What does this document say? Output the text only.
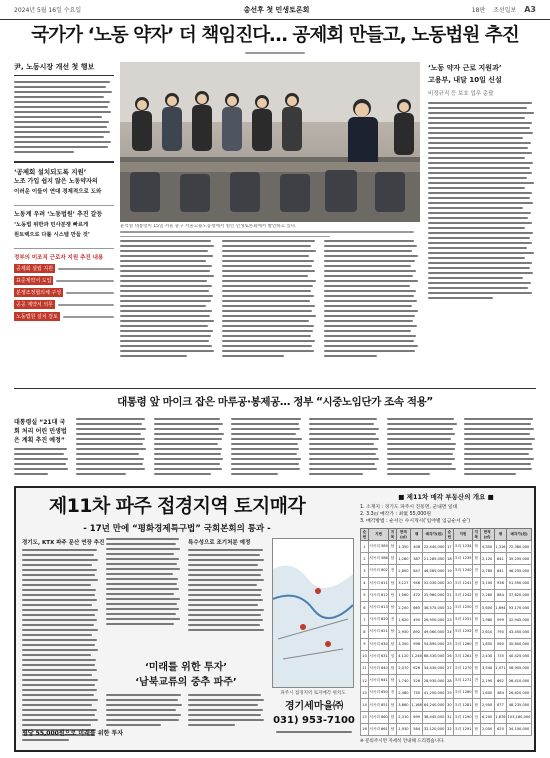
2024년 5월 16일 수요일	총선후 첫 민생토론회	18판 조선일보 A3
국가가 ‘노동 약자’ 더 책임진다… 공제회 만들고, 노동법원 추진
尹, 노동시장 개선 첫 행보
‘공제회 설치되도록 지원’
노조 가입 쉽지 않은 노동약자의
이러운 이들이 연대 경제적으로 도와
노동계 우려 ‘노동법원’ 추진 갈등
‘노동법 위반과 민사분쟁 빠르게
원트랙으로 다룰 시스템 만들 것’
정부의 미조직 근로자 지원 추진 내용
공제회 설립 지원
표준계약서 도입
분쟁조정협의체 구성
공공 계약서 의무
노동법원 설치 검토
윤석열 대통령이 15일 서울 중구 서울고용노동청에서 열린 민생토론회에서 발언하고 있다.
‘노동 약자 근로 지원과’
고용부, 내달 10일 신설
비정규직 등 보호 업무 총괄
대통령 앞 마이크 잡은 마루공·봉제공… 정부 “시중노임단가 조속 적용”
대통령실 “21대 국회 처리 어린 민생법은 계획 추진 예정”
제11차 파주 접경지역 토지매각
- 17년 만에 “평화경제특구법” 국회본회의 통과 -
경기도, KTX 파주 문산 연장 추진	특수성으로 조기처분 예정
‘미래를 위한 투자’
‘남북교류의 중추 파주’
평당 55,000원으로 미래를 위한 투자
파주시 접경지역 토지매각 위치도
경기세마을㈜
031) 953-7100
■ 제11차 매각 부동산의 개요 ■
1. 소재지 : 경기도 파주시 진동면, 군내면 일대
2. 3.3㎡ 매각가 : 최低 55,000원
3. 매각방법 : 순서는 수시개시(‘임야별 입금순서 순’)
순번	지번	지목	면적(㎡)	평	매각가(원)	순번	지번	지목	면적(㎡)	평	매각가(원)
1	서곡리 585	답	1,350	408	22,440,000	17	초리 1234	답	4,350	1,316	72,380,000
2	서곡리 586	답	1,280	387	21,285,000	18	초리 1235	답	2,120	641	35,255,000
3	서곡리 602	전	2,800	847	46,585,000	19	초리 1240	전	2,780	841	46,255,000
4	서곡리 611	답	3,127	946	52,030,000	20	초리 1241	답	3,100	938	51,590,000
5	서곡리 612	답	1,560	472	25,960,000	21	초리 1242	답	2,260	684	37,620,000
6	서곡리 613	답	2,200	665	36,575,000	22	초리 1250	임	5,600	1,694	93,170,000
7	서곡리 620	전	1,620	490	26,950,000	23	초리 1251	답	1,980	599	32,945,000
8	서곡리 621	답	2,950	892	49,060,000	24	초리 1252	답	2,610	790	43,450,000
9	서곡리 630	답	3,300	998	54,890,000	25	초리 1260	전	1,850	560	30,800,000
10	서곡리 631	임	4,120	1,246	68,530,000	26	초리 1261	답	2,430	735	40,425,000
11	서곡리 640	답	2,070	626	34,430,000	27	초리 1270	답	3,540	1,071	58,905,000
12	서곡리 641	답	1,740	526	28,930,000	28	초리 1271	전	2,190	662	36,410,000
13	서곡리 650	전	2,480	750	41,250,000	29	초리 1280	답	1,600	484	26,620,000
14	서곡리 651	답	3,860	1,168	64,240,000	30	초리 1281	답	2,900	877	48,235,000
15	서곡리 660	답	2,310	699	38,445,000	31	초리 1290	임	6,200	1,876	103,180,000
16	서곡리 661	답	1,930	584	32,120,000	32	초리 1291	답	2,050	620	34,100,000
※ 문의주시면 자세히 안내해 드리겠습니다.
